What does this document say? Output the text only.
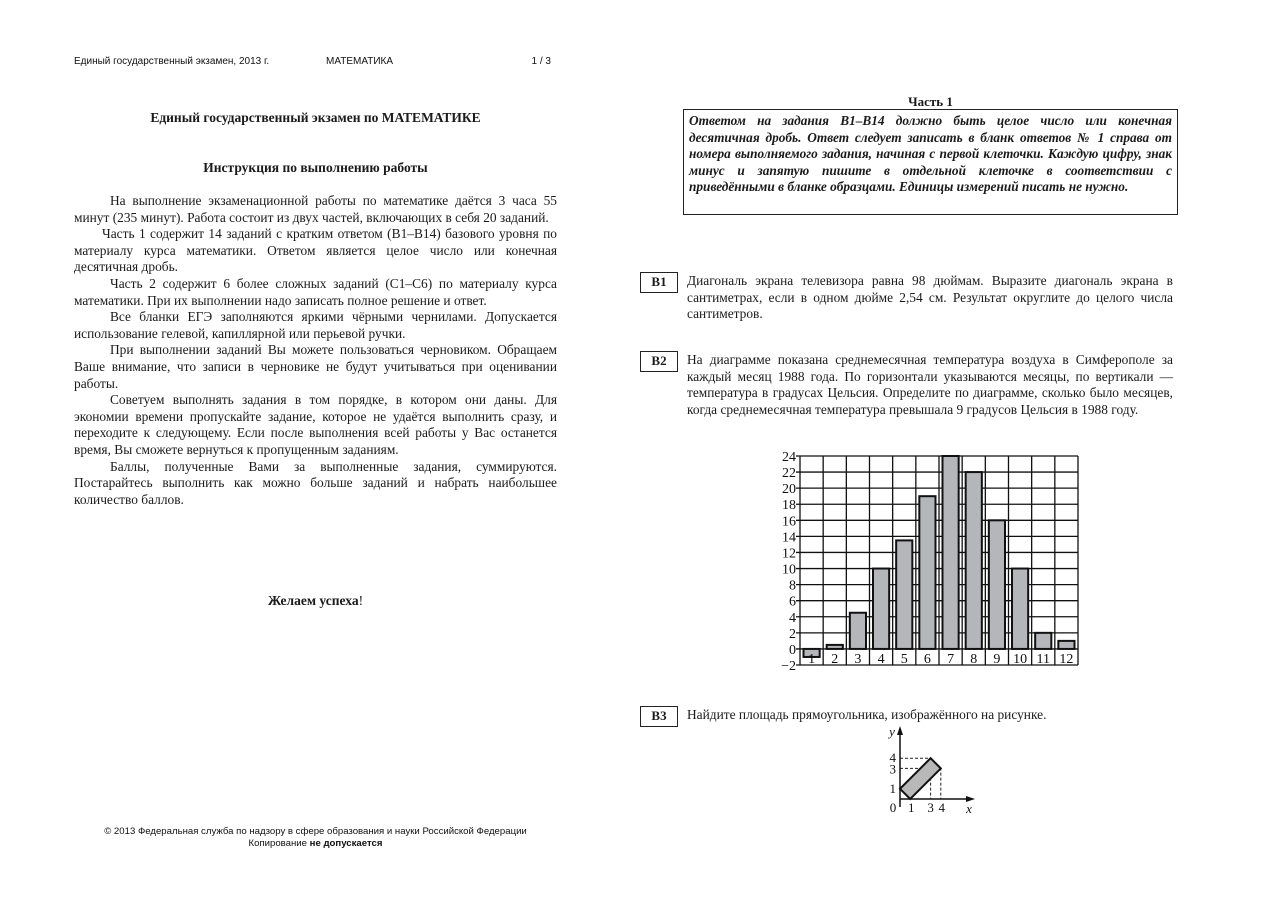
Единый государственный экзамен, 2013 г.	МАТЕМАТИКА	1 / 3
Единый государственный экзамен по МАТЕМАТИКЕ
Инструкция по выполнению работы

На выполнение экзаменационной работы по математике даётся 3 часа 55 минут (235 минут). Работа состоит из двух частей, включающих в себя 20 заданий.

Часть 1 содержит 14 заданий с кратким ответом (B1–B14) базового уровня по материалу курса математики. Ответом является целое число или конечная десятичная дробь.

Часть 2 содержит 6 более сложных заданий (C1–C6) по материалу курса математики. При их выполнении надо записать полное решение и ответ.

Все бланки ЕГЭ заполняются яркими чёрными чернилами. Допускается использование гелевой, капиллярной или перьевой ручки.

При выполнении заданий Вы можете пользоваться черновиком. Обращаем Ваше внимание, что записи в черновике не будут учитываться при оценивании работы.

Советуем выполнять задания в том порядке, в котором они даны. Для экономии времени пропускайте задание, которое не удаётся выполнить сразу, и переходите к следующему. Если после выполнения всей работы у Вас останется время, Вы сможете вернуться к пропущенным заданиям.

Баллы, полученные Вами за выполненные задания, суммируются. Постарайтесь выполнить как можно больше заданий и набрать наибольшее количество баллов.

Желаем успеха!
© 2013 Федеральная служба по надзору в сфере образования и науки Российской Федерации
Копирование не допускается
Часть 1
Ответом на задания B1–B14 должно быть целое число или конечная десятичная дробь. Ответ следует записать в бланк ответов № 1 справа от номера выполняемого задания, начиная с первой клеточки. Каждую цифру, знак минус и запятую пишите в отдельной клеточке в соответствии с приведёнными в бланке образцами. Единицы измерений писать не нужно.
B1	Диагональ экрана телевизора равна 98 дюймам. Выразите диагональ экрана в сантиметрах, если в одном дюйме 2,54 см. Результат округлите до целого числа сантиметров.
B2	На диаграмме показана среднемесячная температура воздуха в Симферополе за каждый месяц 1988 года. По горизонтали указываются месяцы, по вертикали — температура в градусах Цельсия. Определите по диаграмме, сколько было месяцев, когда среднемесячная температура превышала 9 градусов Цельсия в 1988 году.
24
22
20
18
16
14
12
10
8
6
4
2
0
−2 1 2 3 4 5 6 7 8 9 10 11 12
B3	Найдите площадь прямоугольника, изображённого на рисунке.
y
x
0 1 3 4
1
3
4
